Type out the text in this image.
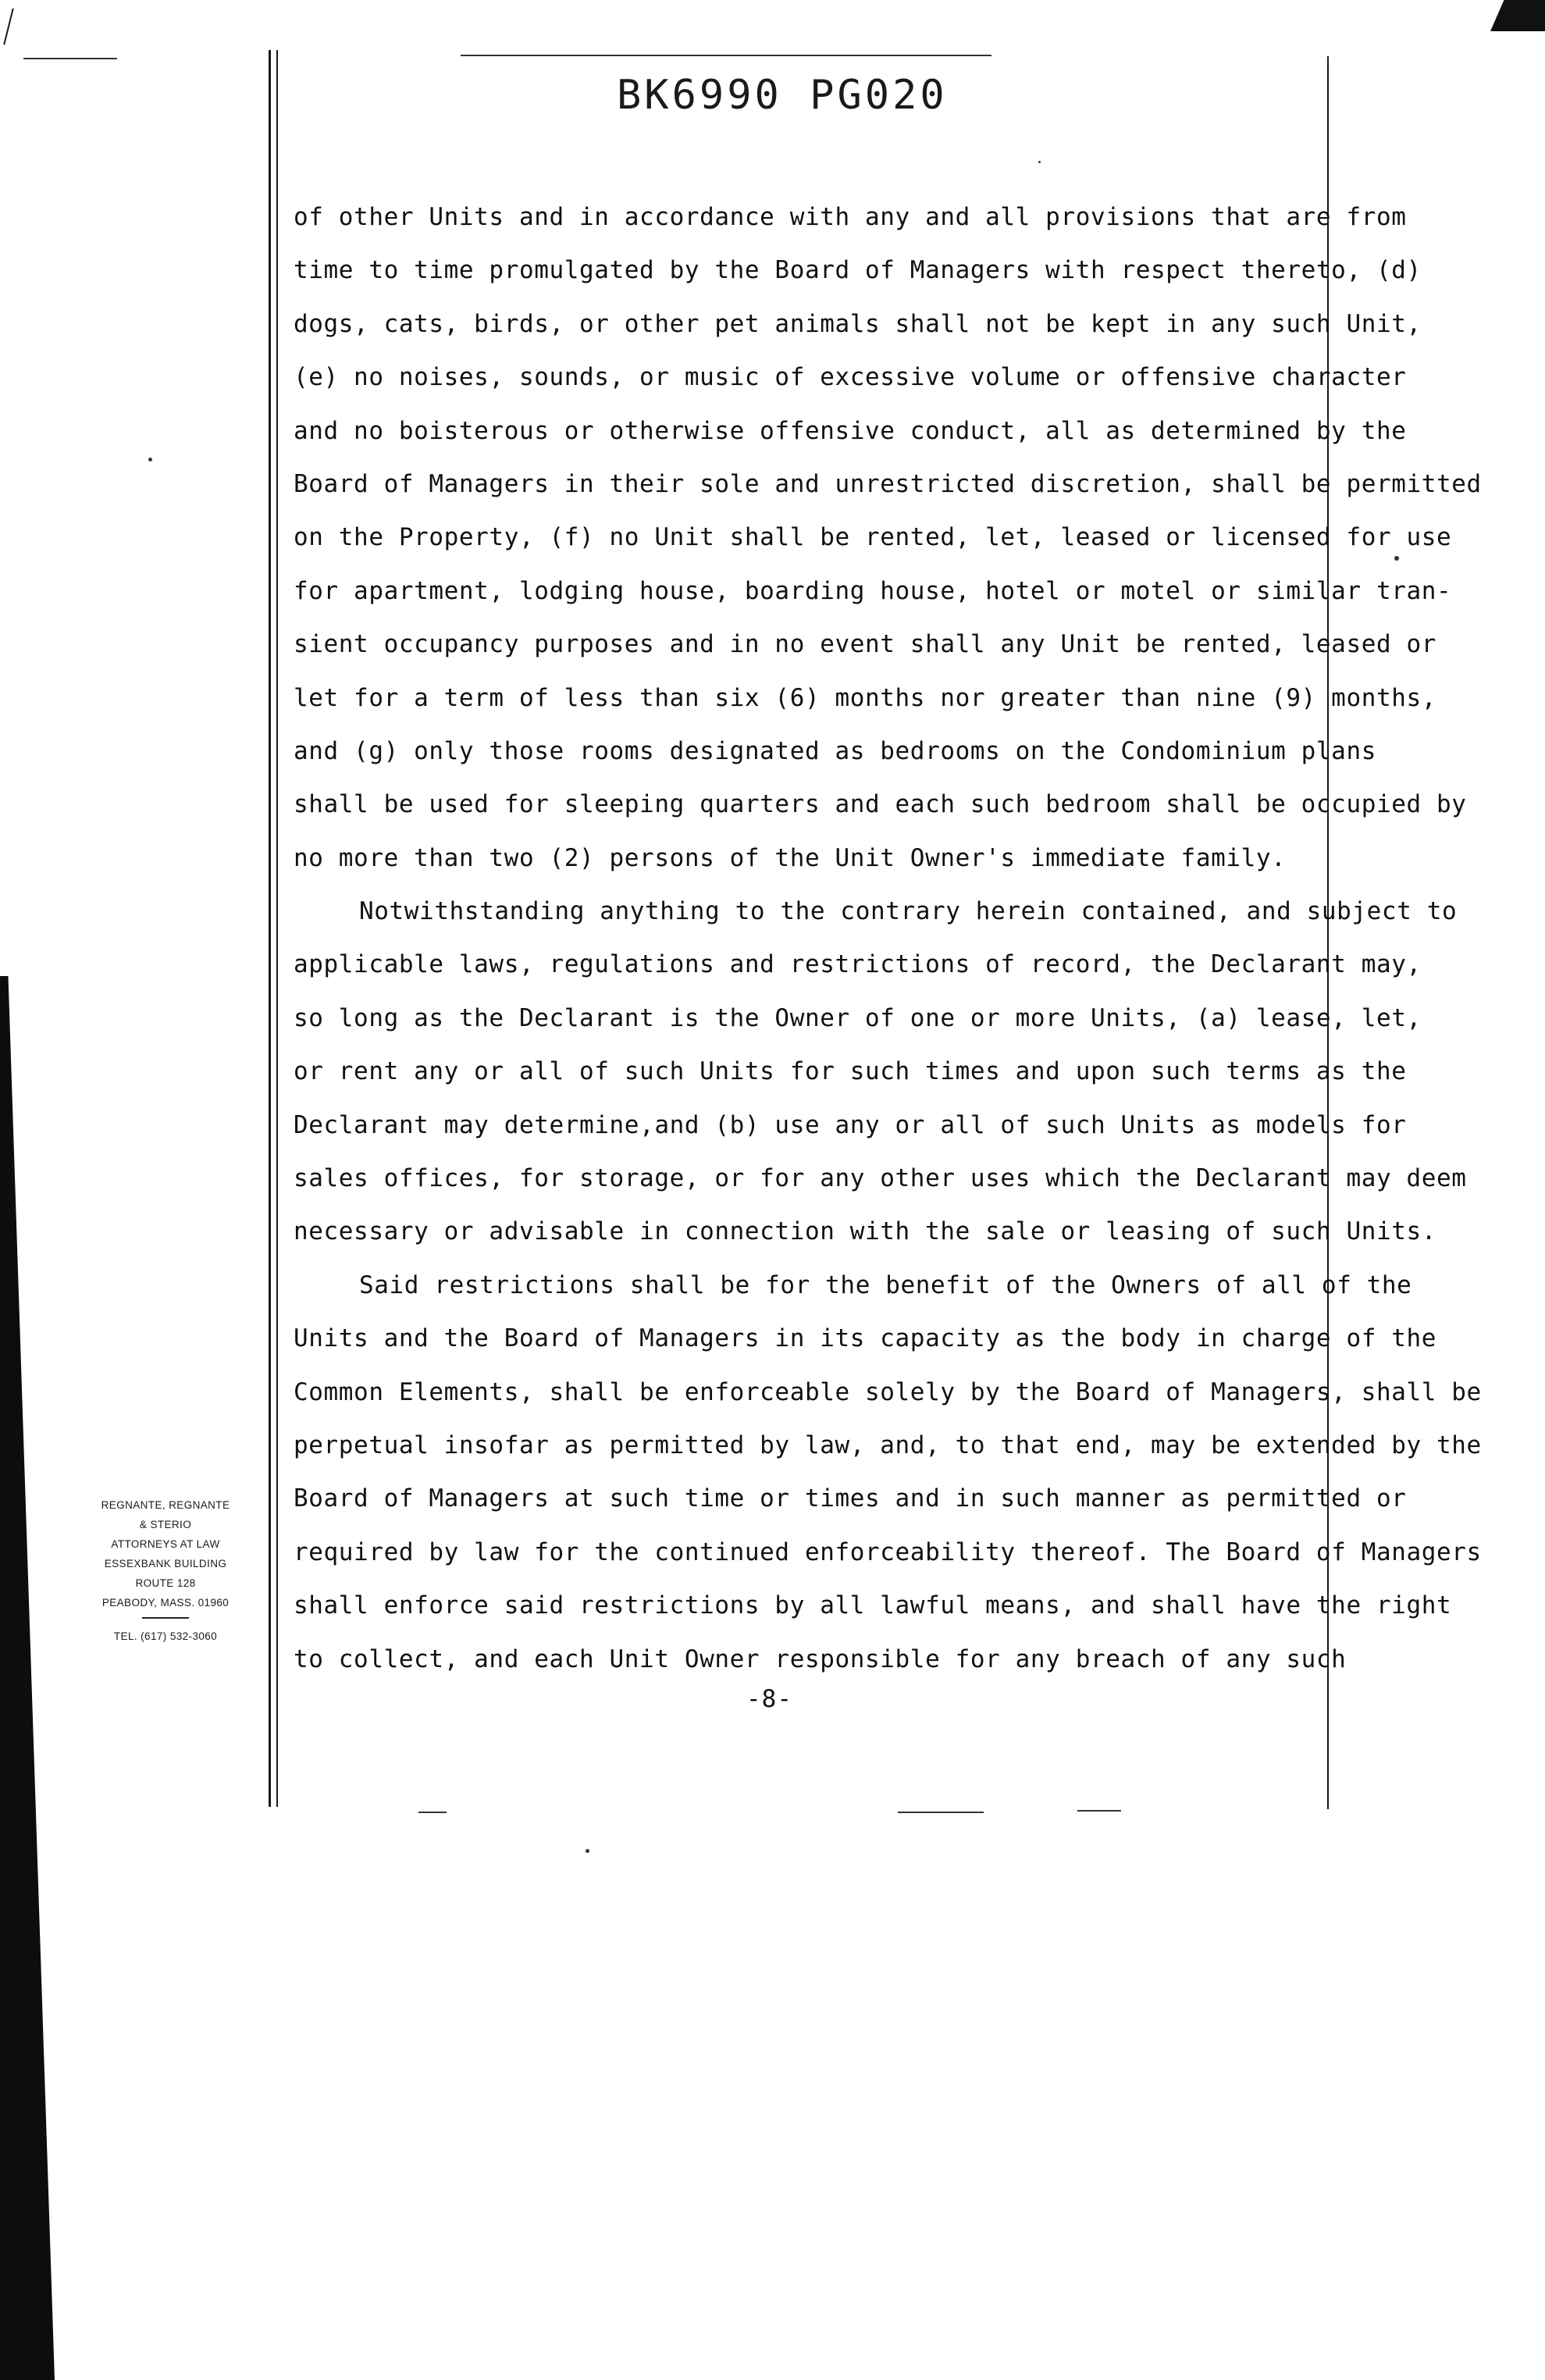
BK6990 PG020
of other Units and in accordance with any and all provisions that are from
time to time promulgated by the Board of Managers with respect thereto, (d)
dogs, cats, birds, or other pet animals shall not be kept in any such Unit,
(e) no noises, sounds, or music of excessive volume or offensive character
and no boisterous or otherwise offensive conduct, all as determined by the
Board of Managers in their sole and unrestricted discretion, shall be permitted
on the Property, (f) no Unit shall be rented, let, leased or licensed for use
for apartment, lodging house, boarding house, hotel or motel or similar tran-
sient occupancy purposes and in no event shall any Unit be rented, leased or
let for a term of less than six (6) months nor greater than nine (9) months,
and (g) only those rooms designated as bedrooms on the Condominium plans
shall be used for sleeping quarters and each such bedroom shall be occupied by
no more than two (2) persons of the Unit Owner's immediate family.
Notwithstanding anything to the contrary herein contained, and subject to
applicable laws, regulations and restrictions of record, the Declarant may,
so long as the Declarant is the Owner of one or more Units, (a) lease, let,
or rent any or all of such Units for such times and upon such terms as the
Declarant may determine,and (b) use any or all of such Units as models for
sales offices, for storage, or for any other uses which the Declarant may deem
necessary or advisable in connection with the sale or leasing of such Units.
Said restrictions shall be for the benefit of the Owners of all of the
Units and the Board of Managers in its capacity as the body in charge of the
Common Elements, shall be enforceable solely by the Board of Managers, shall be
perpetual insofar as permitted by law, and, to that end, may be extended by the
Board of Managers at such time or times and in such manner as permitted or
required by law for the continued enforceability thereof. The Board of Managers
shall enforce said restrictions by all lawful means, and shall have the right
to collect, and each Unit Owner responsible for any breach of any such
-8-
REGNANTE, REGNANTE
& STERIO
ATTORNEYS AT LAW
ESSEXBANK BUILDING
ROUTE 128
PEABODY, MASS. 01960
TEL. (617) 532-3060
